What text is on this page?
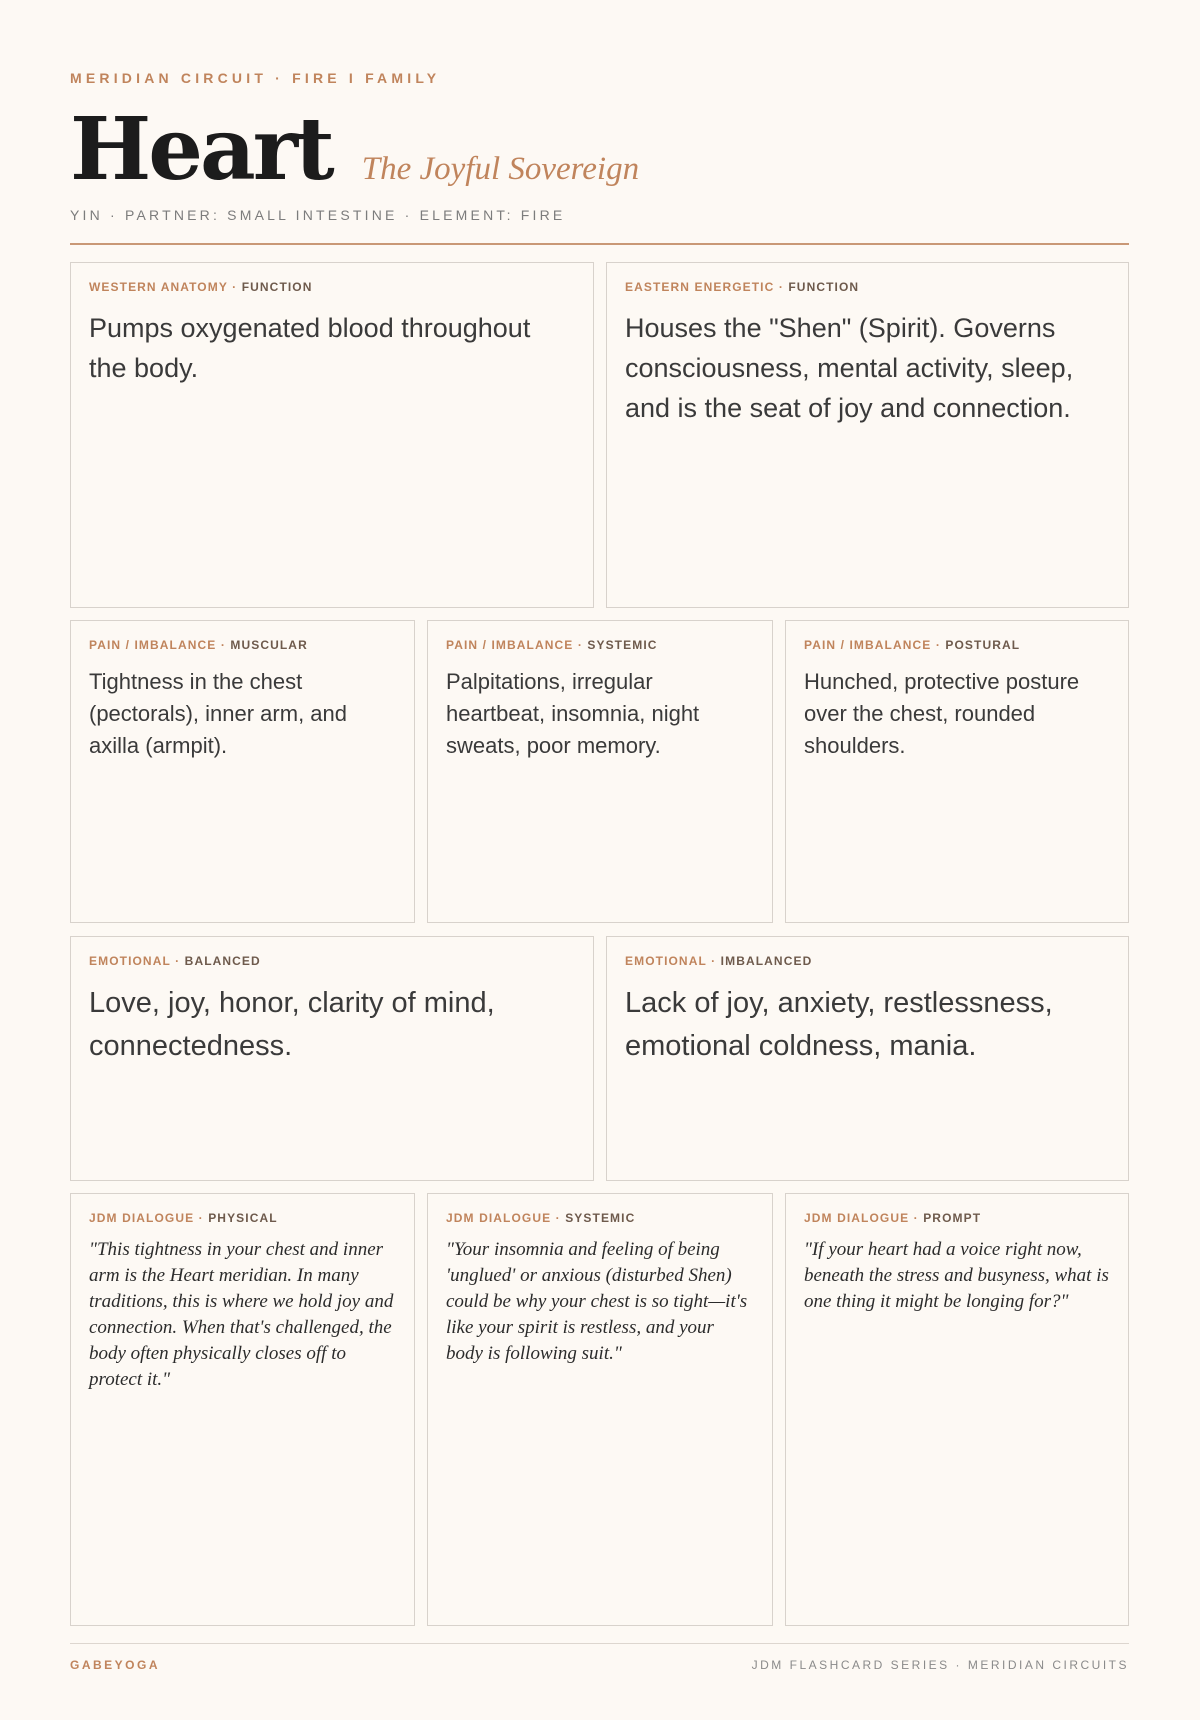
MERIDIAN CIRCUIT · FIRE I FAMILY
Heart The Joyful Sovereign
YIN · PARTNER: SMALL INTESTINE · ELEMENT: FIRE
WESTERN ANATOMY · FUNCTION
Pumps oxygenated blood throughout the body.
EASTERN ENERGETIC · FUNCTION
Houses the "Shen" (Spirit). Governs consciousness, mental activity, sleep, and is the seat of joy and connection.
PAIN / IMBALANCE · MUSCULAR
Tightness in the chest (pectorals), inner arm, and axilla (armpit).
PAIN / IMBALANCE · SYSTEMIC
Palpitations, irregular heartbeat, insomnia, night sweats, poor memory.
PAIN / IMBALANCE · POSTURAL
Hunched, protective posture over the chest, rounded shoulders.
EMOTIONAL · BALANCED
Love, joy, honor, clarity of mind, connectedness.
EMOTIONAL · IMBALANCED
Lack of joy, anxiety, restlessness, emotional coldness, mania.
JDM DIALOGUE · PHYSICAL
"This tightness in your chest and inner arm is the Heart meridian. In many traditions, this is where we hold joy and connection. When that's challenged, the body often physically closes off to protect it."
JDM DIALOGUE · SYSTEMIC
"Your insomnia and feeling of being 'unglued' or anxious (disturbed Shen) could be why your chest is so tight—it's like your spirit is restless, and your body is following suit."
JDM DIALOGUE · PROMPT
"If your heart had a voice right now, beneath the stress and busyness, what is one thing it might be longing for?"
GABEYOGA	JDM FLASHCARD SERIES · MERIDIAN CIRCUITS
